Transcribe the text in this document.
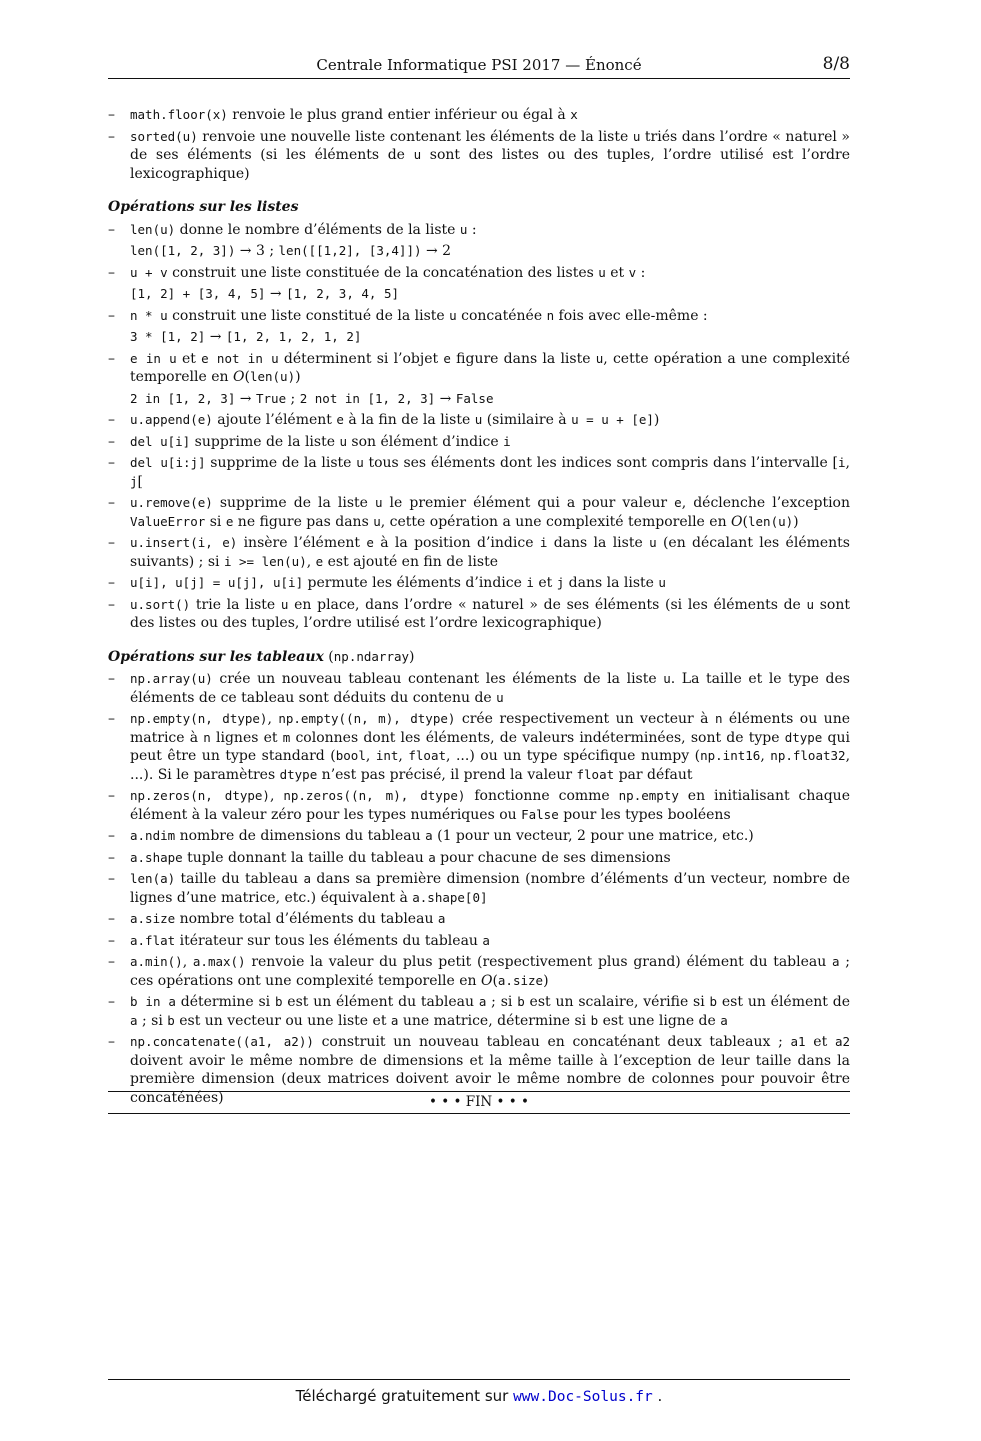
Centrale Informatique PSI 2017 — Énoncé	8/8
– math.floor(x) renvoie le plus grand entier inférieur ou égal à x
– sorted(u) renvoie une nouvelle liste contenant les éléments de la liste u triés dans l’ordre « naturel » de ses éléments (si les éléments de u sont des listes ou des tuples, l’ordre utilisé est l’ordre lexicographique)
Opérations sur les listes
– len(u) donne le nombre d’éléments de la liste u :
len([1, 2, 3]) → 3 ; len([[1,2], [3,4]]) → 2
– u + v construit une liste constituée de la concaténation des listes u et v :
[1, 2] + [3, 4, 5] → [1, 2, 3, 4, 5]
– n * u construit une liste constitué de la liste u concaténée n fois avec elle-même :
3 * [1, 2] → [1, 2, 1, 2, 1, 2]
– e in u et e not in u déterminent si l’objet e figure dans la liste u, cette opération a une complexité temporelle en O(len(u))
2 in [1, 2, 3] → True ; 2 not in [1, 2, 3] → False
– u.append(e) ajoute l’élément e à la fin de la liste u (similaire à u = u + [e])
– del u[i] supprime de la liste u son élément d’indice i
– del u[i:j] supprime de la liste u tous ses éléments dont les indices sont compris dans l’intervalle [i, j[
– u.remove(e) supprime de la liste u le premier élément qui a pour valeur e, déclenche l’exception ValueError si e ne figure pas dans u, cette opération a une complexité temporelle en O(len(u))
– u.insert(i, e) insère l’élément e à la position d’indice i dans la liste u (en décalant les éléments suivants) ; si i >= len(u), e est ajouté en fin de liste
– u[i], u[j] = u[j], u[i] permute les éléments d’indice i et j dans la liste u
– u.sort() trie la liste u en place, dans l’ordre « naturel » de ses éléments (si les éléments de u sont des listes ou des tuples, l’ordre utilisé est l’ordre lexicographique)
Opérations sur les tableaux (np.ndarray)
– np.array(u) crée un nouveau tableau contenant les éléments de la liste u. La taille et le type des éléments de ce tableau sont déduits du contenu de u
– np.empty(n, dtype), np.empty((n, m), dtype) crée respectivement un vecteur à n éléments ou une matrice à n lignes et m colonnes dont les éléments, de valeurs indéterminées, sont de type dtype qui peut être un type standard (bool, int, float, ...) ou un type spécifique numpy (np.int16, np.float32, ...). Si le paramètres dtype n’est pas précisé, il prend la valeur float par défaut
– np.zeros(n, dtype), np.zeros((n, m), dtype) fonctionne comme np.empty en initialisant chaque élément à la valeur zéro pour les types numériques ou False pour les types booléens
– a.ndim nombre de dimensions du tableau a (1 pour un vecteur, 2 pour une matrice, etc.)
– a.shape tuple donnant la taille du tableau a pour chacune de ses dimensions
– len(a) taille du tableau a dans sa première dimension (nombre d’éléments d’un vecteur, nombre de lignes d’une matrice, etc.) équivalent à a.shape[0]
– a.size nombre total d’éléments du tableau a
– a.flat itérateur sur tous les éléments du tableau a
– a.min(), a.max() renvoie la valeur du plus petit (respectivement plus grand) élément du tableau a ; ces opérations ont une complexité temporelle en O(a.size)
– b in a détermine si b est un élément du tableau a ; si b est un scalaire, vérifie si b est un élément de a ; si b est un vecteur ou une liste et a une matrice, détermine si b est une ligne de a
– np.concatenate((a1, a2)) construit un nouveau tableau en concaténant deux tableaux ; a1 et a2 doivent avoir le même nombre de dimensions et la même taille à l’exception de leur taille dans la première dimension (deux matrices doivent avoir le même nombre de colonnes pour pouvoir être concaténées)	• • • FIN • • •
Téléchargé gratuitement sur www.Doc-Solus.fr .
